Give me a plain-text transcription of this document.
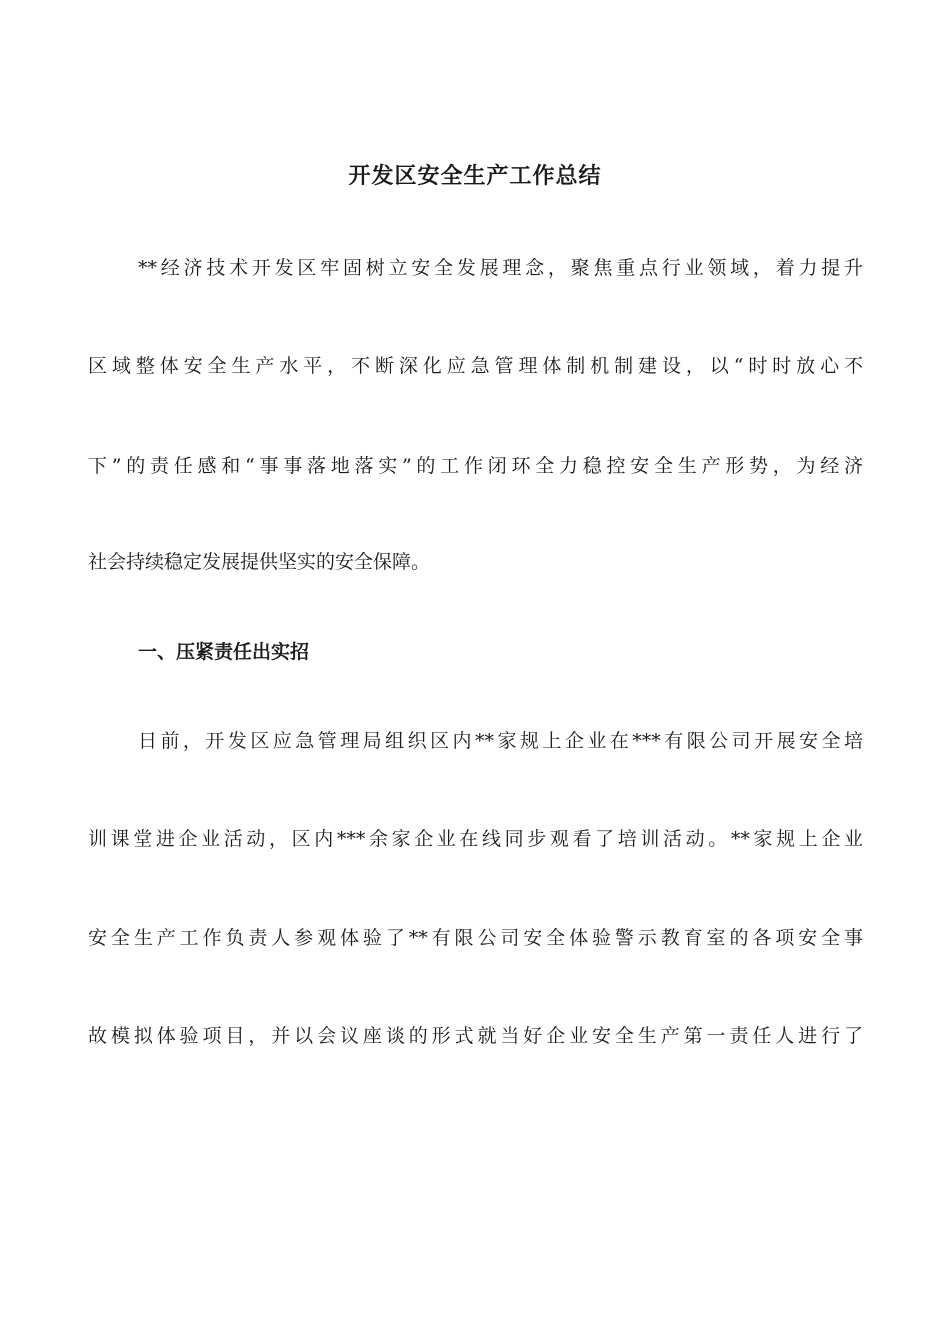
开发区安全生产工作总结

**经济技术开发区牢固树立安全发展理念，聚焦重点行业领域，着力提升

区域整体安全生产水平，不断深化应急管理体制机制建设，以“时时放心不

下”的责任感和“事事落地落实”的工作闭环全力稳控安全生产形势，为经济

社会持续稳定发展提供坚实的安全保障。

一、压紧责任出实招

日前，开发区应急管理局组织区内**家规上企业在***有限公司开展安全培

训课堂进企业活动，区内***余家企业在线同步观看了培训活动。**家规上企业

安全生产工作负责人参观体验了**有限公司安全体验警示教育室的各项安全事

故模拟体验项目，并以会议座谈的形式就当好企业安全生产第一责任人进行了
